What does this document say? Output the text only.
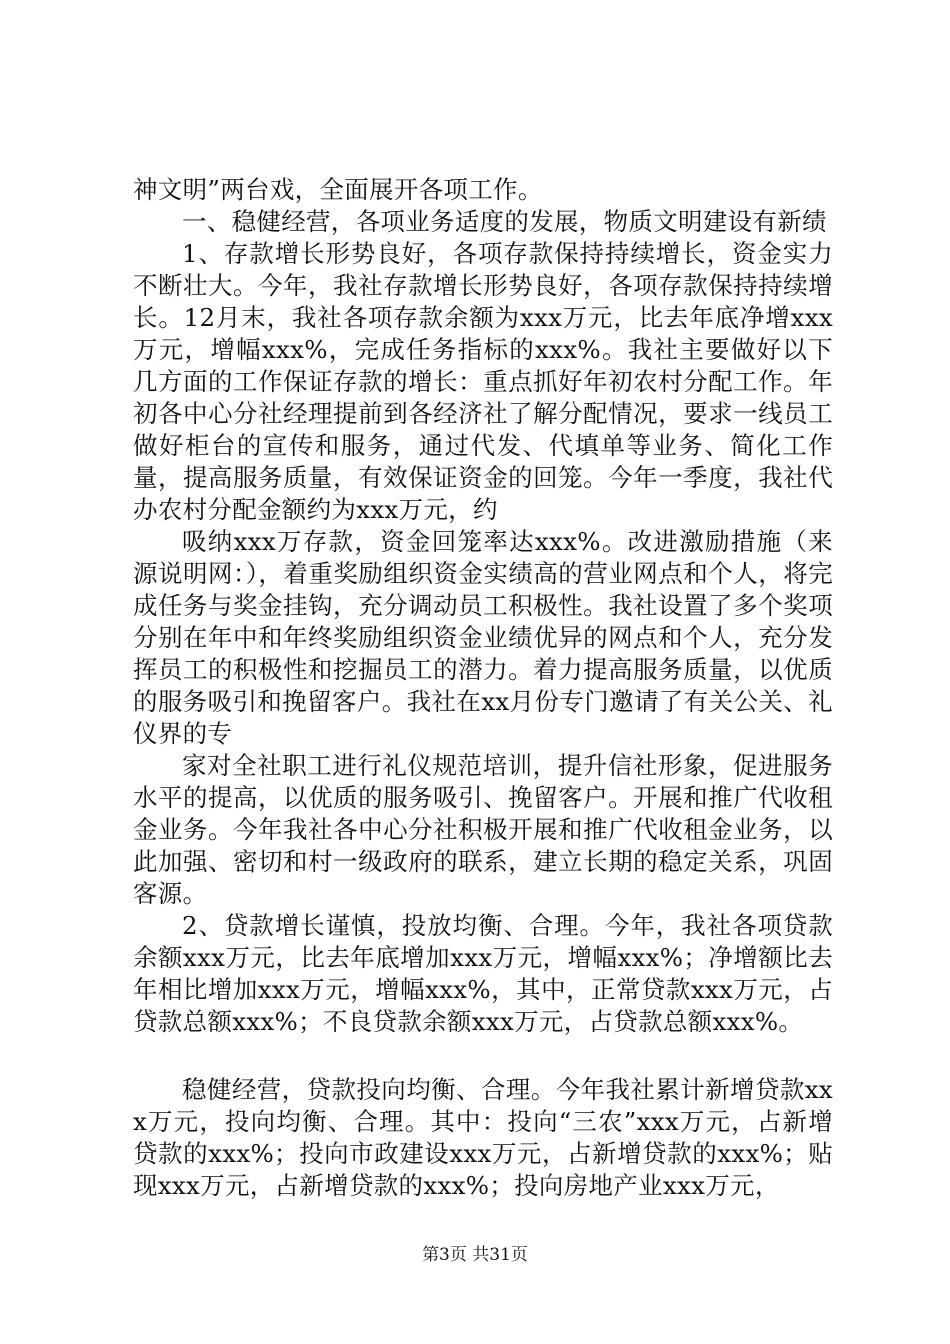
神文明”两台戏，全面展开各项工作。

一、稳健经营，各项业务适度的发展，物质文明建设有新绩

1、存款增长形势良好，各项存款保持持续增长，资金实力不断壮大。今年，我社存款增长形势良好，各项存款保持持续增长。12月末，我社各项存款余额为xxx万元，比去年底净增xxx万元，增幅xxx%，完成任务指标的xxx%。我社主要做好以下几方面的工作保证存款的增长：重点抓好年初农村分配工作。年初各中心分社经理提前到各经济社了解分配情况，要求一线员工做好柜台的宣传和服务，通过代发、代填单等业务、简化工作量，提高服务质量，有效保证资金的回笼。今年一季度，我社代办农村分配金额约为xxx万元，约

吸纳xxx万存款，资金回笼率达xxx%。改进激励措施（来源说明网：），着重奖励组织资金实绩高的营业网点和个人，将完成任务与奖金挂钩，充分调动员工积极性。我社设置了多个奖项分别在年中和年终奖励组织资金业绩优异的网点和个人，充分发挥员工的积极性和挖掘员工的潜力。着力提高服务质量，以优质的服务吸引和挽留客户。我社在xx月份专门邀请了有关公关、礼仪界的专

家对全社职工进行礼仪规范培训，提升信社形象，促进服务水平的提高，以优质的服务吸引、挽留客户。开展和推广代收租金业务。今年我社各中心分社积极开展和推广代收租金业务，以此加强、密切和村一级政府的联系，建立长期的稳定关系，巩固客源。

2、贷款增长谨慎，投放均衡、合理。今年，我社各项贷款余额xxx万元，比去年底增加xxx万元，增幅xxx%；净增额比去年相比增加xxx万元，增幅xxx%，其中，正常贷款xxx万元，占贷款总额xxx%；不良贷款余额xxx万元，占贷款总额xxx%。

稳健经营，贷款投向均衡、合理。今年我社累计新增贷款xxx万元，投向均衡、合理。其中：投向“三农”xxx万元，占新增贷款的xxx%；投向市政建设xxx万元，占新增贷款的xxx%；贴现xxx万元，占新增贷款的xxx%；投向房地产业xxx万元，

第3页 共31页
